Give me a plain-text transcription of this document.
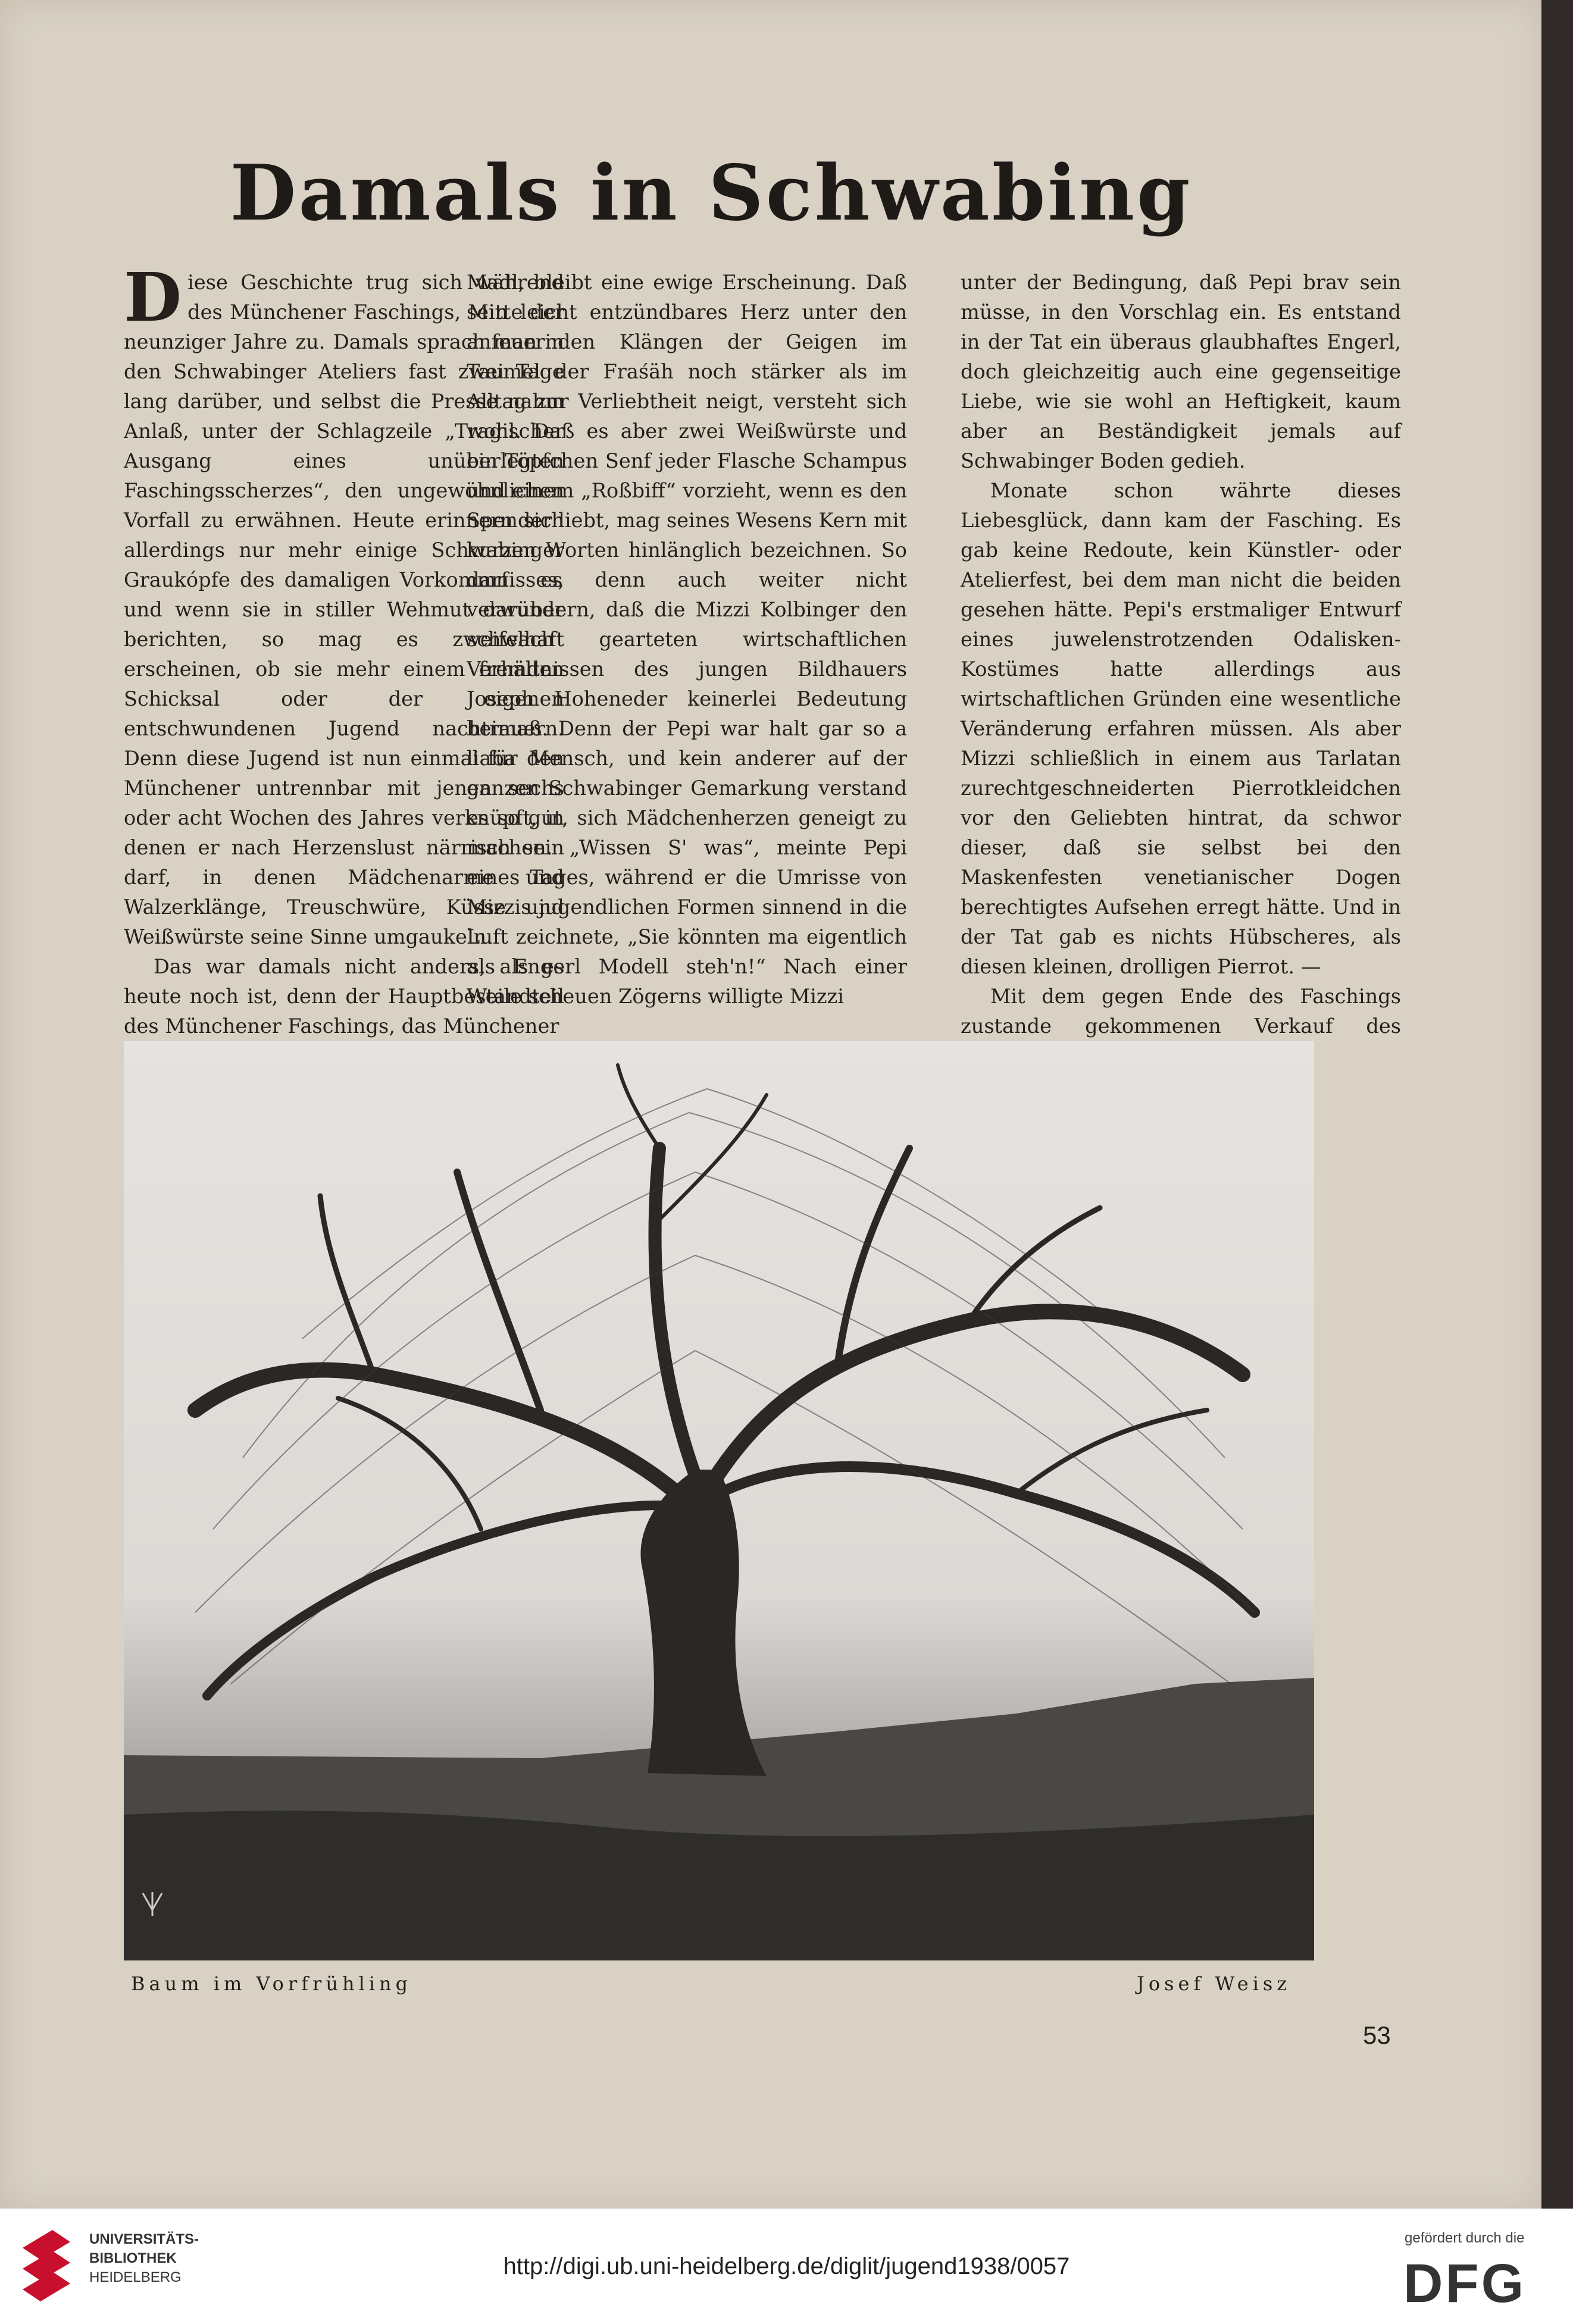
Damals in Schwabing

Diese Geschichte trug sich während des Münchener Faschings, Mitte der neunziger Jahre zu. Damals sprach man in den Schwabinger Ateliers fast zwei Tage lang darüber, und selbst die Presse nahm Anlaß, unter der Schlagzeile „Tragischer Ausgang eines unüberlegten Faschingsscherzes“, den ungewöhnlichen Vorfall zu erwähnen. Heute erinnern sich allerdings nur mehr einige Schwabinger Graukópfe des damaligen Vorkommnisses, und wenn sie in stiller Wehmut darüber berichten, so mag es zweifelhaft erscheinen, ob sie mehr einem fremden Schicksal oder der eigenen entschwundenen Jugend nachtrauern. Denn diese Jugend ist nun einmal für den Münchener untrennbar mit jenen sechs oder acht Wochen des Jahres verknüpft, in denen er nach Herzenslust närrisch sein darf, in denen Mädchenarme und Walzerklänge, Treuschwüre, Küsse und Weißwürste seine Sinne umgaukeln.

Das war damals nicht anders, als es heute noch ist, denn der Hauptbestandteil des Münchener Faschings, das Münchener

Madl, bleibt eine ewige Erscheinung. Daß sein leicht entzündbares Herz unter den anfeuernden Klängen der Geigen im Taumel der Fraśäh noch stärker als im Alltag zur Verliebtheit neigt, versteht sich wohl. Daß es aber zwei Weißwürste und ein Töpfchen Senf jeder Flasche Schampus und einem „Roßbiff“ vorzieht, wenn es den Spender liebt, mag seines Wesens Kern mit kurzen Worten hinlänglich bezeichnen. So darf es denn auch weiter nicht verwundern, daß die Mizzi Kolbinger den schwach gearteten wirtschaftlichen Verhältnissen des jungen Bildhauers Joseph Hoheneder keinerlei Bedeutung beimaß. Denn der Pepi war halt gar so a liaba Mensch, und kein anderer auf der ganzen Schwabinger Gemarkung verstand es so gut, sich Mädchenherzen geneigt zu machen. „Wissen S' was“, meinte Pepi eines Tages, während er die Umrisse von Mizzis jugendlichen Formen sinnend in die Luft zeichnete, „Sie könnten ma eigentlich als Engerl Modell steh'n!“ Nach einer Weile scheuen Zögerns willigte Mizzi

unter der Bedingung, daß Pepi brav sein müsse, in den Vorschlag ein. Es entstand in der Tat ein überaus glaubhaftes Engerl, doch gleichzeitig auch eine gegenseitige Liebe, wie sie wohl an Heftigkeit, kaum aber an Beständigkeit jemals auf Schwabinger Boden gedieh.

Monate schon währte dieses Liebesglück, dann kam der Fasching. Es gab keine Redoute, kein Künstler- oder Atelierfest, bei dem man nicht die beiden gesehen hätte. Pepi's erstmaliger Entwurf eines juwelenstrotzenden Odalisken-Kostümes hatte allerdings aus wirtschaftlichen Gründen eine wesentliche Veränderung erfahren müssen. Als aber Mizzi schließlich in einem aus Tarlatan zurechtgeschneiderten Pierrotkleidchen vor den Geliebten hintrat, da schwor dieser, daß sie selbst bei den Maskenfesten venetianischer Dogen berechtigtes Aufsehen erregt hätte. Und in der Tat gab es nichts Hübscheres, als diesen kleinen, drolligen Pierrot. —

Mit dem gegen Ende des Faschings zustande gekommenen Verkauf des

Baum im Vorfrühling	Josef Weisz
53
UNIVERSITÄTS-
BIBLIOTHEK
HEIDELBERG	http://digi.ub.uni-heidelberg.de/diglit/jugend1938/0057
gefördert durch die
DFG
